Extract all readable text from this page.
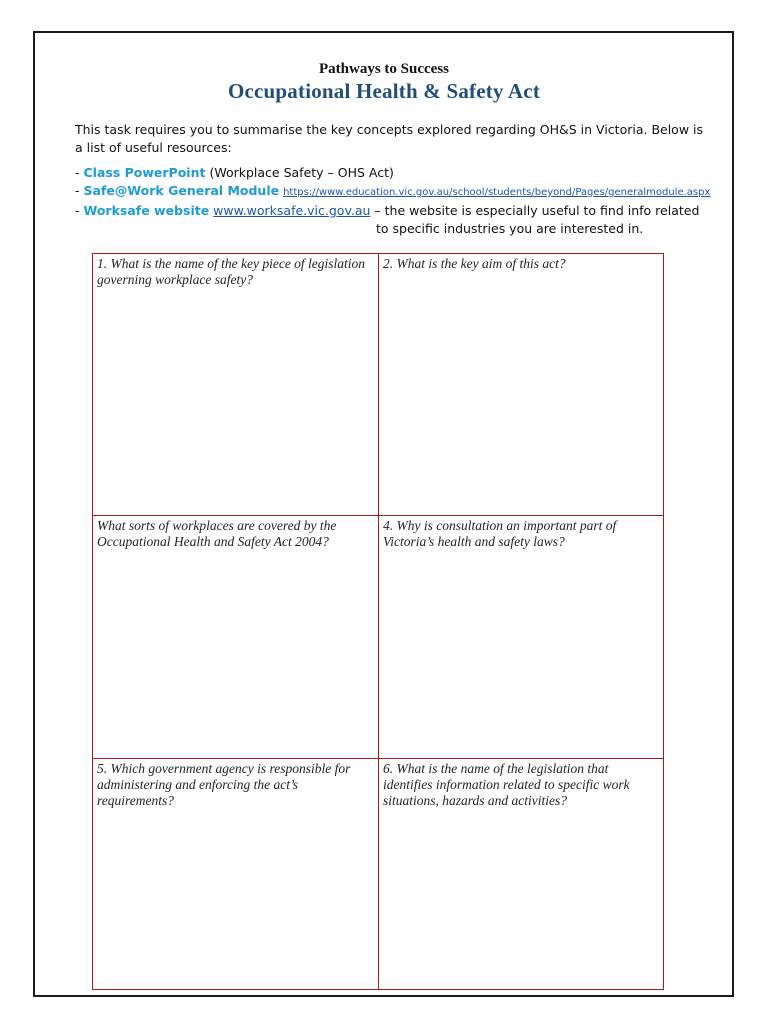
Pathways to Success
Occupational Health & Safety Act
This task requires you to summarise the key concepts explored regarding OH&S in Victoria. Below is a list of useful resources:
- Class PowerPoint (Workplace Safety – OHS Act)
- Safe@Work General Module https://www.education.vic.gov.au/school/students/beyond/Pages/generalmodule.aspx
- Worksafe website www.worksafe.vic.gov.au – the website is especially useful to find info related
to specific industries you are interested in.
1. What is the name of the key piece of legislation governing workplace safety?
2. What is the key aim of this act?
What sorts of workplaces are covered by the Occupational Health and Safety Act 2004?
4. Why is consultation an important part of Victoria’s health and safety laws?
5. Which government agency is responsible for administering and enforcing the act’s requirements?
6. What is the name of the legislation that identifies information related to specific work situations, hazards and activities?
